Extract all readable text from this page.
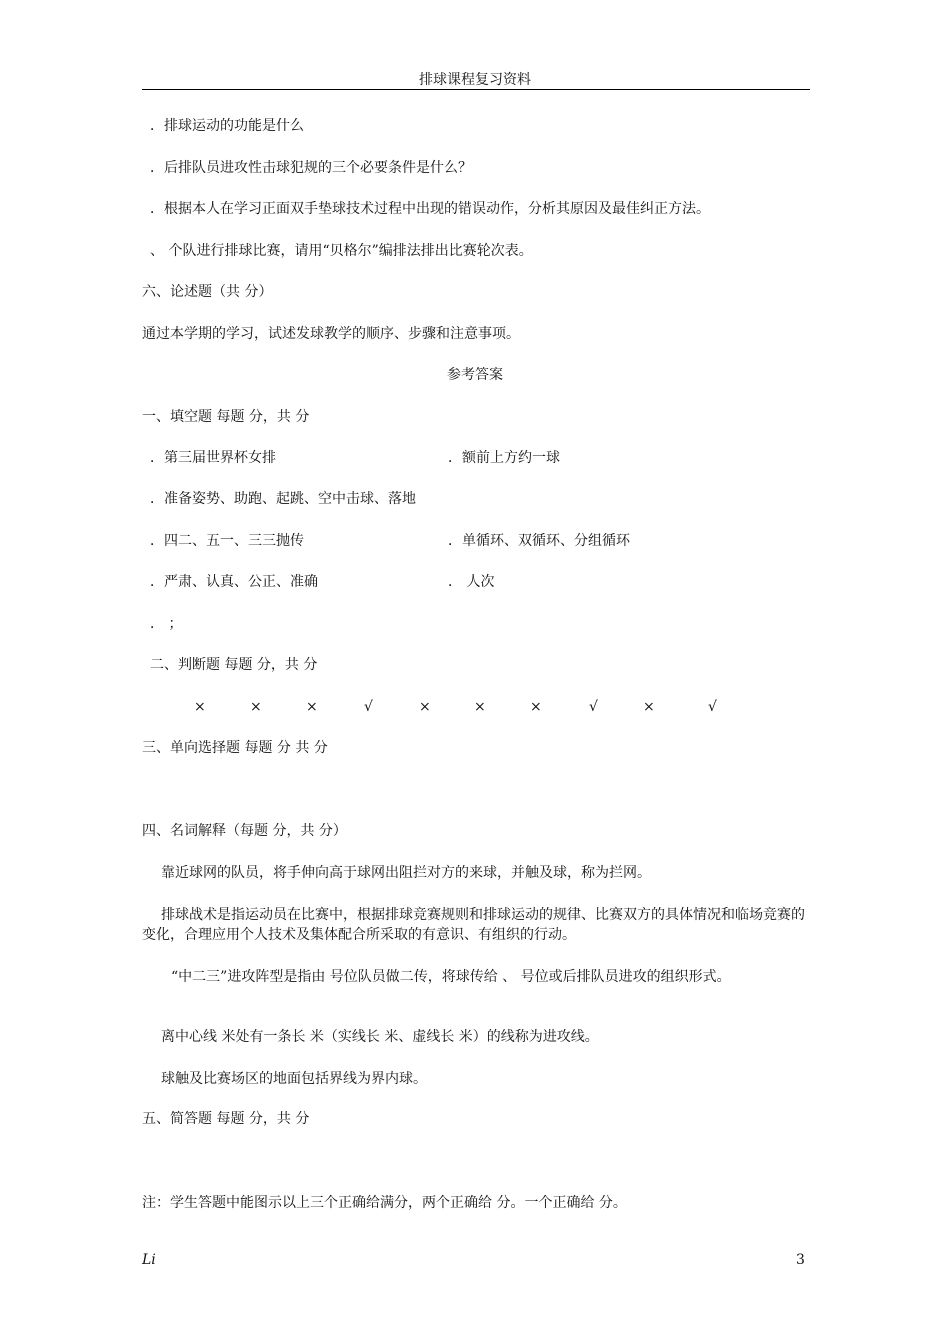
排球课程复习资料
．排球运动的功能是什么
．后排队员进攻性击球犯规的三个必要条件是什么？
．根据本人在学习正面双手垫球技术过程中出现的错误动作，分析其原因及最佳纠正方法。
、 个队进行排球比赛，请用“贝格尔”编排法排出比赛轮次表。
六、论述题（共 分）
通过本学期的学习，试述发球教学的顺序、步骤和注意事项。
参考答案
一、填空题 每题 分，共 分
．第三届世界杯女排	．额前上方约一球
．准备姿势、助跑、起跳、空中击球、落地
．四二、五一、三三抛传	．单循环、双循环、分组循环
．严肃、认真、公正、准确	． 人次
． ；
二、判断题 每题 分，共 分
×	×	×	√	×	×	×	√	×	√
三、单向选择题 每题 分 共 分
四、名词解释（每题 分，共 分）
靠近球网的队员，将手伸向高于球网出阻拦对方的来球，并触及球，称为拦网。
排球战术是指运动员在比赛中，根据排球竞赛规则和排球运动的规律、比赛双方的具体情况和临场竞赛的变化，合理应用个人技术及集体配合所采取的有意识、有组织的行动。
“中二三”进攻阵型是指由 号位队员做二传，将球传给 、 号位或后排队员进攻的组织形式。
离中心线 米处有一条长 米（实线长 米、虚线长 米）的线称为进攻线。
球触及比赛场区的地面包括界线为界内球。
五、简答题 每题 分，共 分
注：学生答题中能图示以上三个正确给满分，两个正确给 分。一个正确给 分。
Li	3
